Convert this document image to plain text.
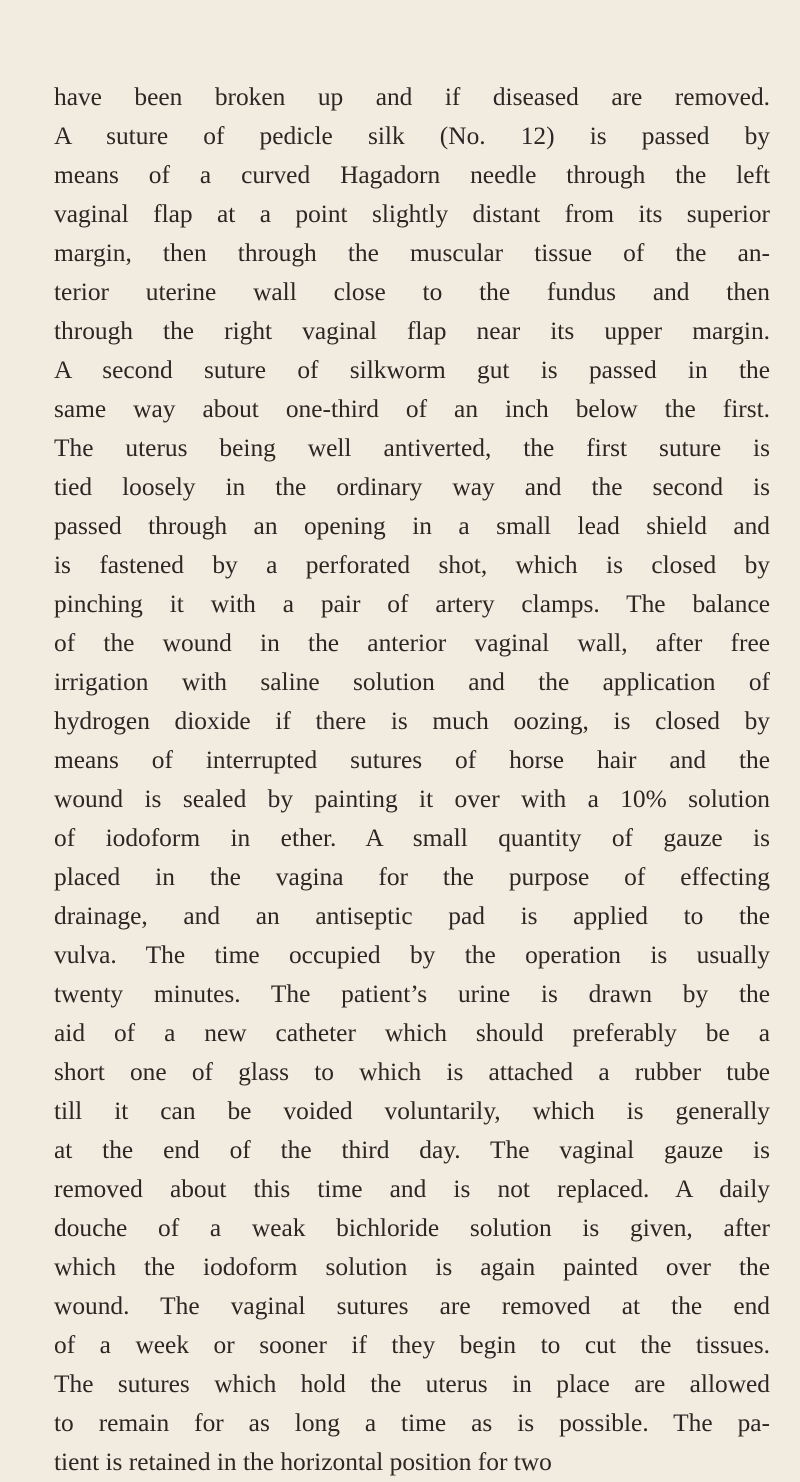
have been broken up and if diseased are removed.
A suture of pedicle silk (No. 12) is passed by
means of a curved Hagadorn needle through the left
vaginal flap at a point slightly distant from its superior
margin, then through the muscular tissue of the an-
terior uterine wall close to the fundus and then
through the right vaginal flap near its upper margin.
A second suture of silkworm gut is passed in the
same way about one-third of an inch below the first.
The uterus being well antiverted, the first suture is
tied loosely in the ordinary way and the second is
passed through an opening in a small lead shield and
is fastened by a perforated shot, which is closed by
pinching it with a pair of artery clamps. The balance
of the wound in the anterior vaginal wall, after free
irrigation with saline solution and the application of
hydrogen dioxide if there is much oozing, is closed by
means of interrupted sutures of horse hair and the
wound is sealed by painting it over with a 10% solution
of iodoform in ether. A small quantity of gauze is
placed in the vagina for the purpose of effecting
drainage, and an antiseptic pad is applied to the
vulva. The time occupied by the operation is usually
twenty minutes. The patient’s urine is drawn by the
aid of a new catheter which should preferably be a
short one of glass to which is attached a rubber tube
till it can be voided voluntarily, which is generally
at the end of the third day. The vaginal gauze is
removed about this time and is not replaced. A daily
douche of a weak bichloride solution is given, after
which the iodoform solution is again painted over the
wound. The vaginal sutures are removed at the end
of a week or sooner if they begin to cut the tissues.
The sutures which hold the uterus in place are allowed
to remain for as long a time as is possible. The pa-
tient is retained in the horizontal position for two
